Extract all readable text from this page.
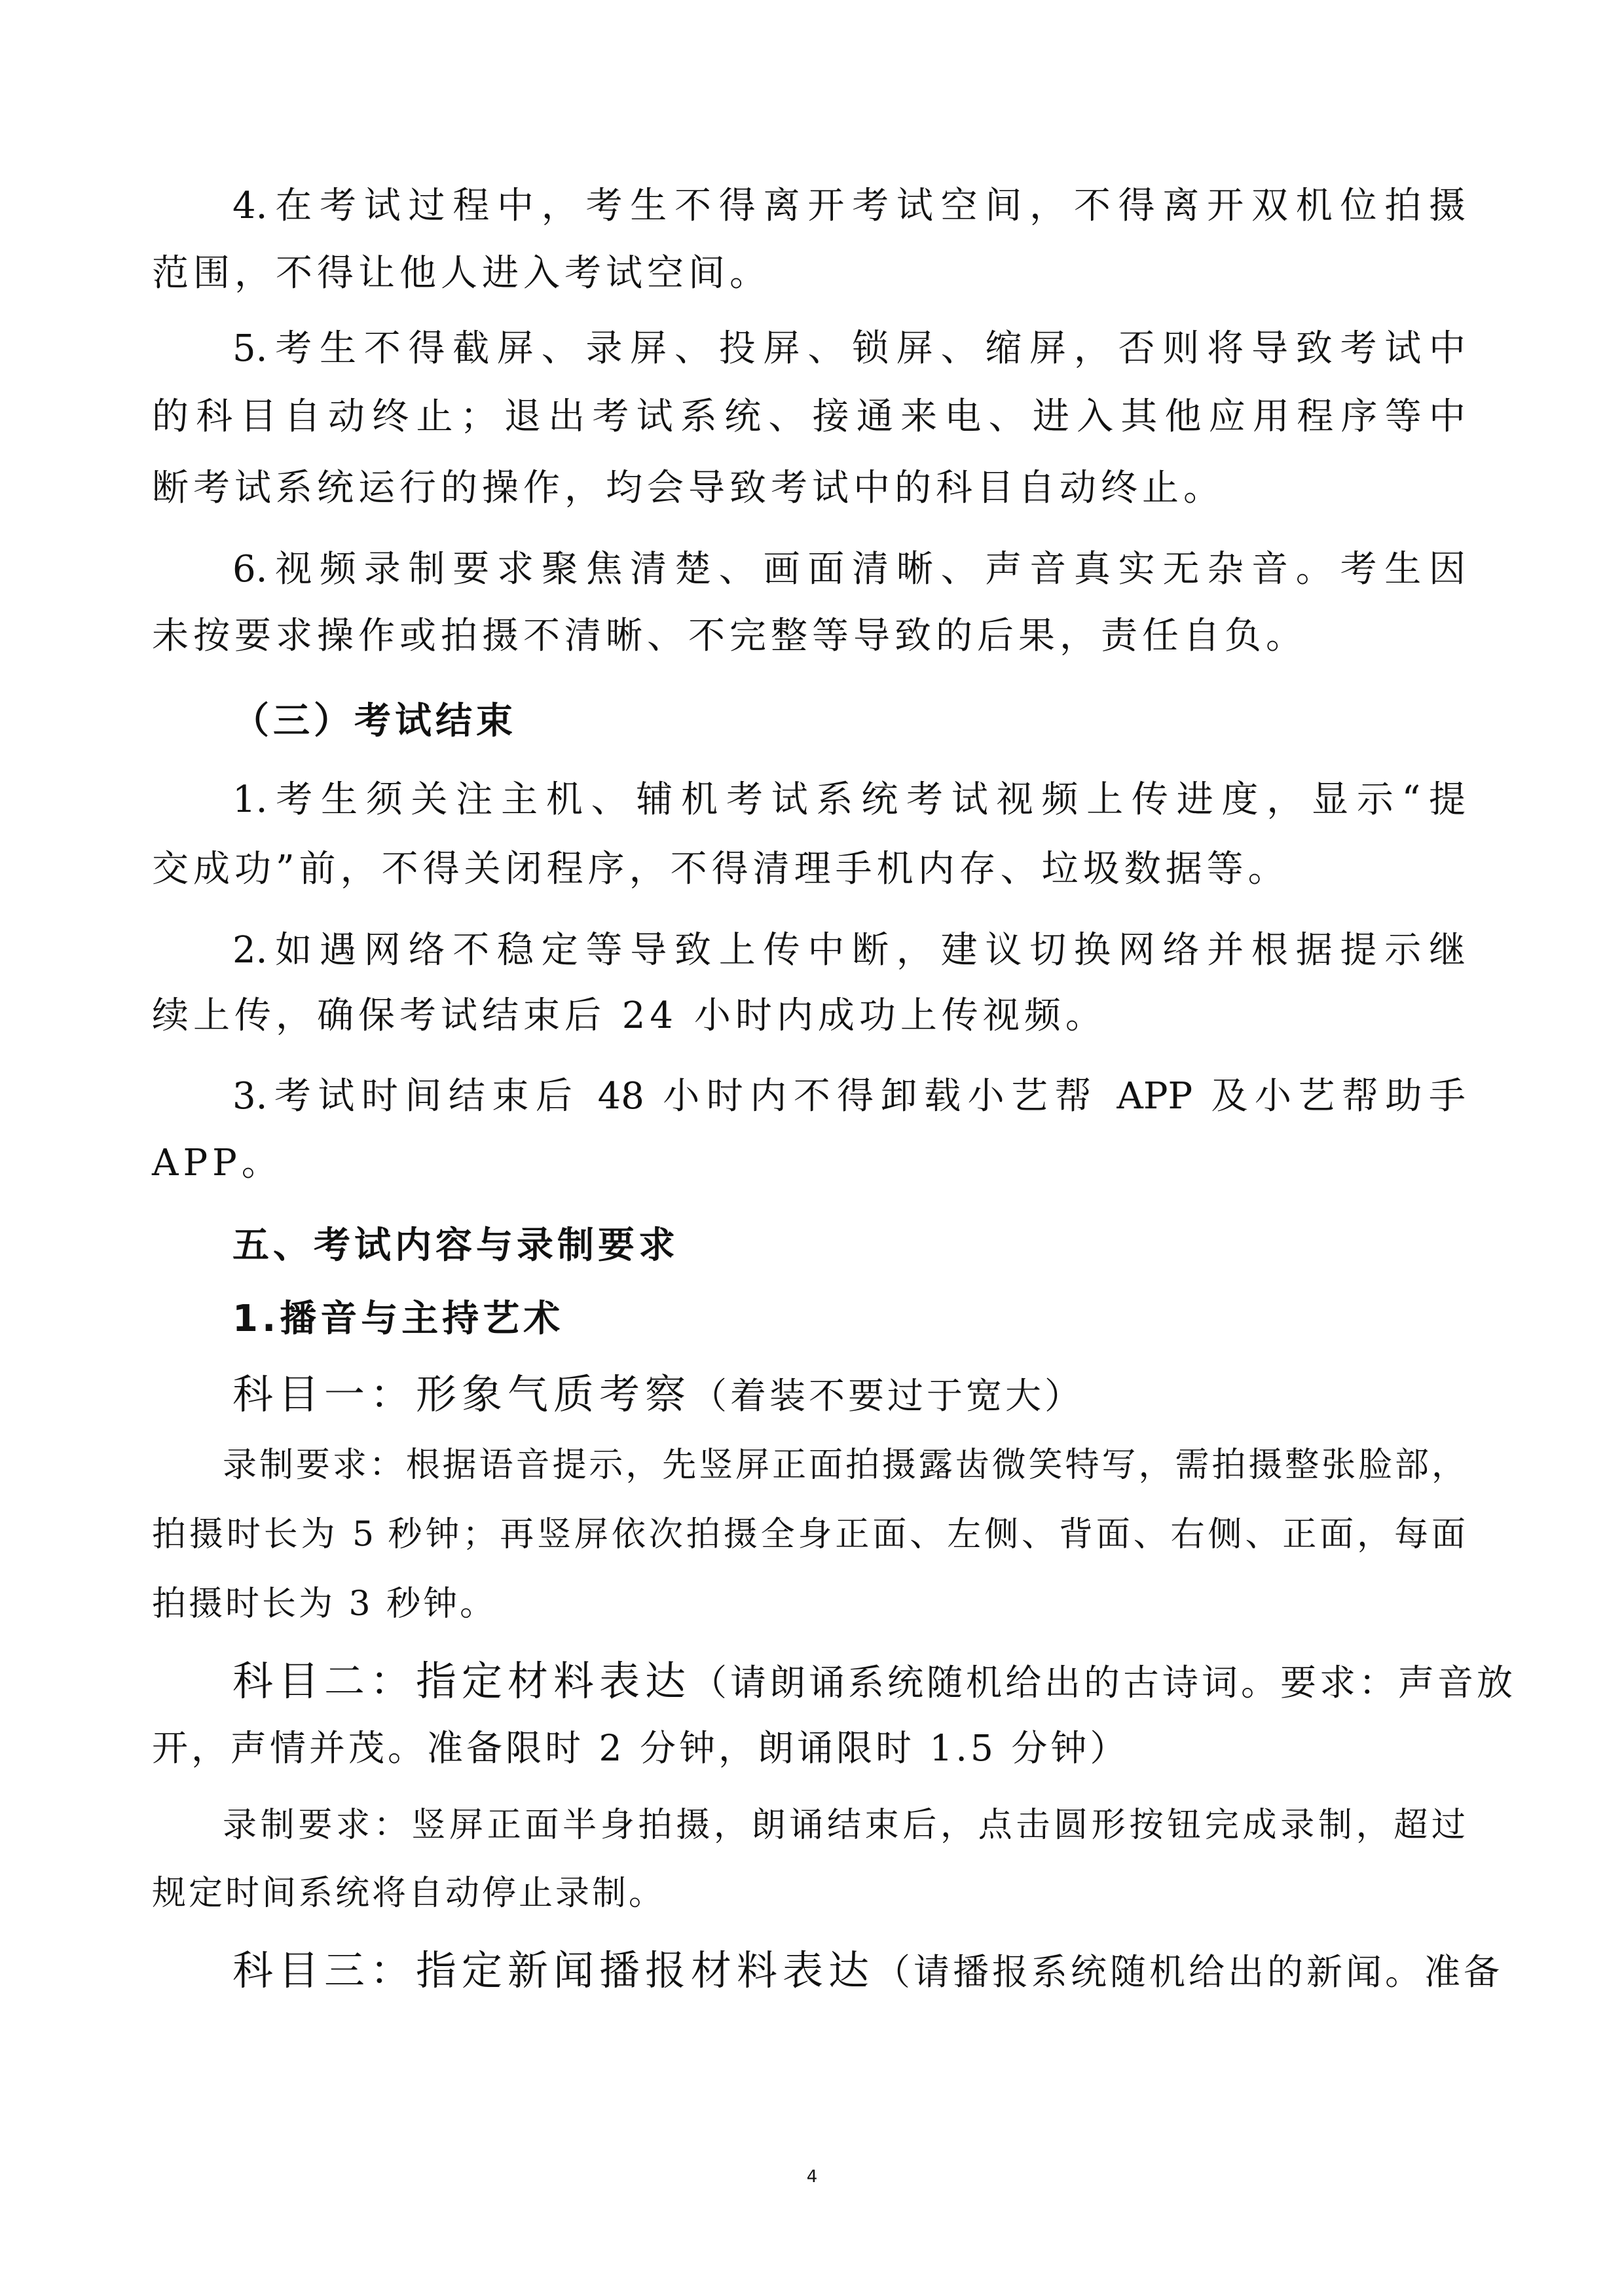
4.在考试过程中，考生不得离开考试空间，不得离开双机位拍摄

范围，不得让他人进入考试空间。

5.考生不得截屏、录屏、投屏、锁屏、缩屏，否则将导致考试中

的科目自动终止；退出考试系统、接通来电、进入其他应用程序等中

断考试系统运行的操作，均会导致考试中的科目自动终止。

6.视频录制要求聚焦清楚、画面清晰、声音真实无杂音。考生因

未按要求操作或拍摄不清晰、不完整等导致的后果，责任自负。

（三）考试结束

1.考生须关注主机、辅机考试系统考试视频上传进度，显示“提

交成功”前，不得关闭程序，不得清理手机内存、垃圾数据等。

2.如遇网络不稳定等导致上传中断，建议切换网络并根据提示继

续上传，确保考试结束后 24 小时内成功上传视频。

3.考试时间结束后 48 小时内不得卸载小艺帮 APP 及小艺帮助手

APP。

五、考试内容与录制要求

1.播音与主持艺术

科目一：形象气质考察（着装不要过于宽大）

录制要求：根据语音提示，先竖屏正面拍摄露齿微笑特写，需拍摄整张脸部，

拍摄时长为 5 秒钟；再竖屏依次拍摄全身正面、左侧、背面、右侧、正面，每面

拍摄时长为 3 秒钟。

科目二：指定材料表达（请朗诵系统随机给出的古诗词。要求：声音放

开，声情并茂。准备限时 2 分钟，朗诵限时 1.5 分钟）

录制要求：竖屏正面半身拍摄，朗诵结束后，点击圆形按钮完成录制，超过

规定时间系统将自动停止录制。

科目三：指定新闻播报材料表达（请播报系统随机给出的新闻。准备

4
